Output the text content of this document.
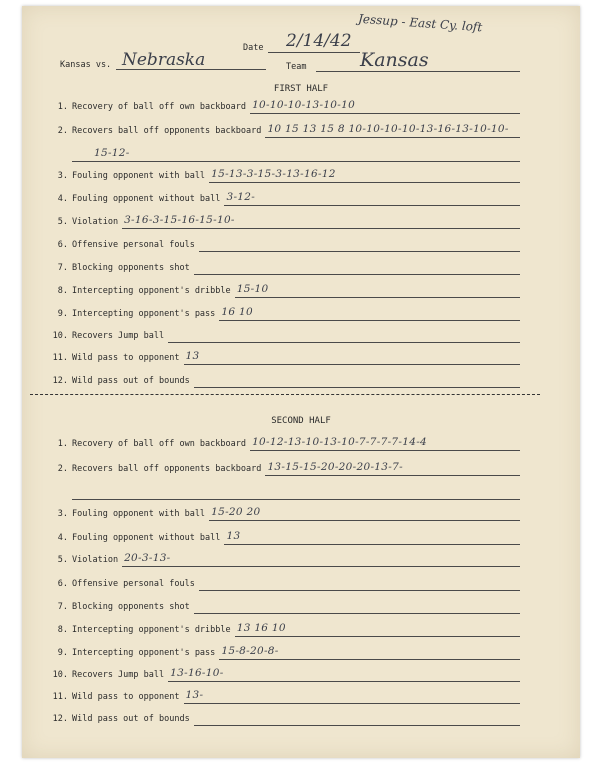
Jessup - East Cy. loft
Date 2/14/42
Kansas vs. Nebraska	Team	Kansas
FIRST HALF
1. Recovery of ball off own backboard 10-10-10-13-10-10
2. Recovers ball off opponents backboard 10 15 13 15 8 10-10-10-10-13-16-13-10-10-
15-12-
3. Fouling opponent with ball 15-13-3-15-3-13-16-12
4. Fouling opponent without ball 3-12-
5. Violation 3-16-3-15-16-15-10-
6. Offensive personal fouls
7. Blocking opponents shot
8. Intercepting opponent's dribble 15-10
9. Intercepting opponent's pass 16 10
10. Recovers Jump ball
11. Wild pass to opponent 13
12. Wild pass out of bounds
SECOND HALF
1. Recovery of ball off own backboard 10-12-13-10-13-10-7-7-7-7-14-4
2. Recovers ball off opponents backboard 13-15-15-20-20-20-13-7-
3. Fouling opponent with ball 15-20 20
4. Fouling opponent without ball 13
5. Violation 20-3-13-
6. Offensive personal fouls
7. Blocking opponents shot
8. Intercepting opponent's dribble 13 16 10
9. Intercepting opponent's pass 15-8-20-8-
10. Recovers Jump ball 13-16-10-
11. Wild pass to opponent 13-
12. Wild pass out of bounds
